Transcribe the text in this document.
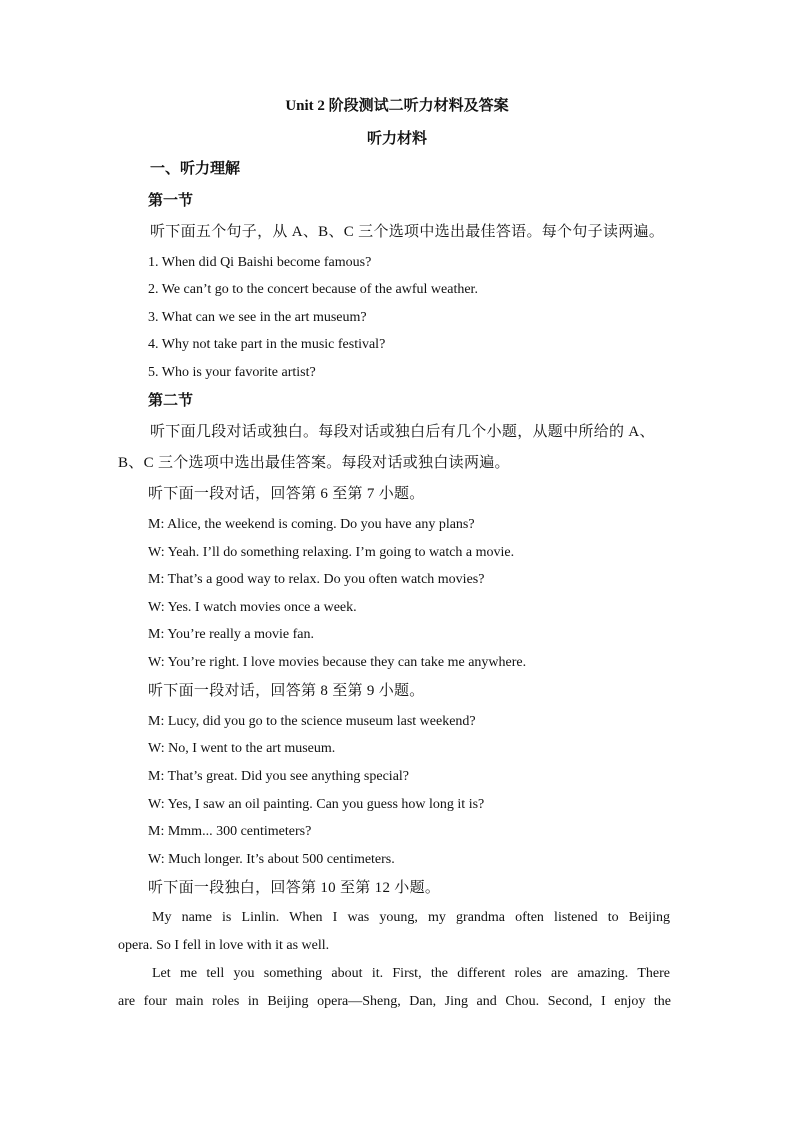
Unit 2 阶段测试二听力材料及答案
听力材料
一、听力理解
第一节
听下面五个句子，从 A、B、C 三个选项中选出最佳答语。每个句子读两遍。
1. When did Qi Baishi become famous?
2. We can’t go to the concert because of the awful weather.
3. What can we see in the art museum?
4. Why not take part in the music festival?
5. Who is your favorite artist?
第二节
听下面几段对话或独白。每段对话或独白后有几个小题，从题中所给的 A、
B、C 三个选项中选出最佳答案。每段对话或独白读两遍。
听下面一段对话，回答第 6 至第 7 小题。
M: Alice, the weekend is coming. Do you have any plans?
W: Yeah. I’ll do something relaxing. I’m going to watch a movie.
M: That’s a good way to relax. Do you often watch movies?
W: Yes. I watch movies once a week.
M: You’re really a movie fan.
W: You’re right. I love movies because they can take me anywhere.
听下面一段对话，回答第 8 至第 9 小题。
M: Lucy, did you go to the science museum last weekend?
W: No, I went to the art museum.
M: That’s great. Did you see anything special?
W: Yes, I saw an oil painting. Can you guess how long it is?
M: Mmm... 300 centimeters?
W: Much longer. It’s about 500 centimeters.
听下面一段独白，回答第 10 至第 12 小题。
My name is Linlin. When I was young, my grandma often listened to Beijing
opera. So I fell in love with it as well.
Let me tell you something about it. First, the different roles are amazing. There
are four main roles in Beijing opera—Sheng, Dan, Jing and Chou. Second, I enjoy the
